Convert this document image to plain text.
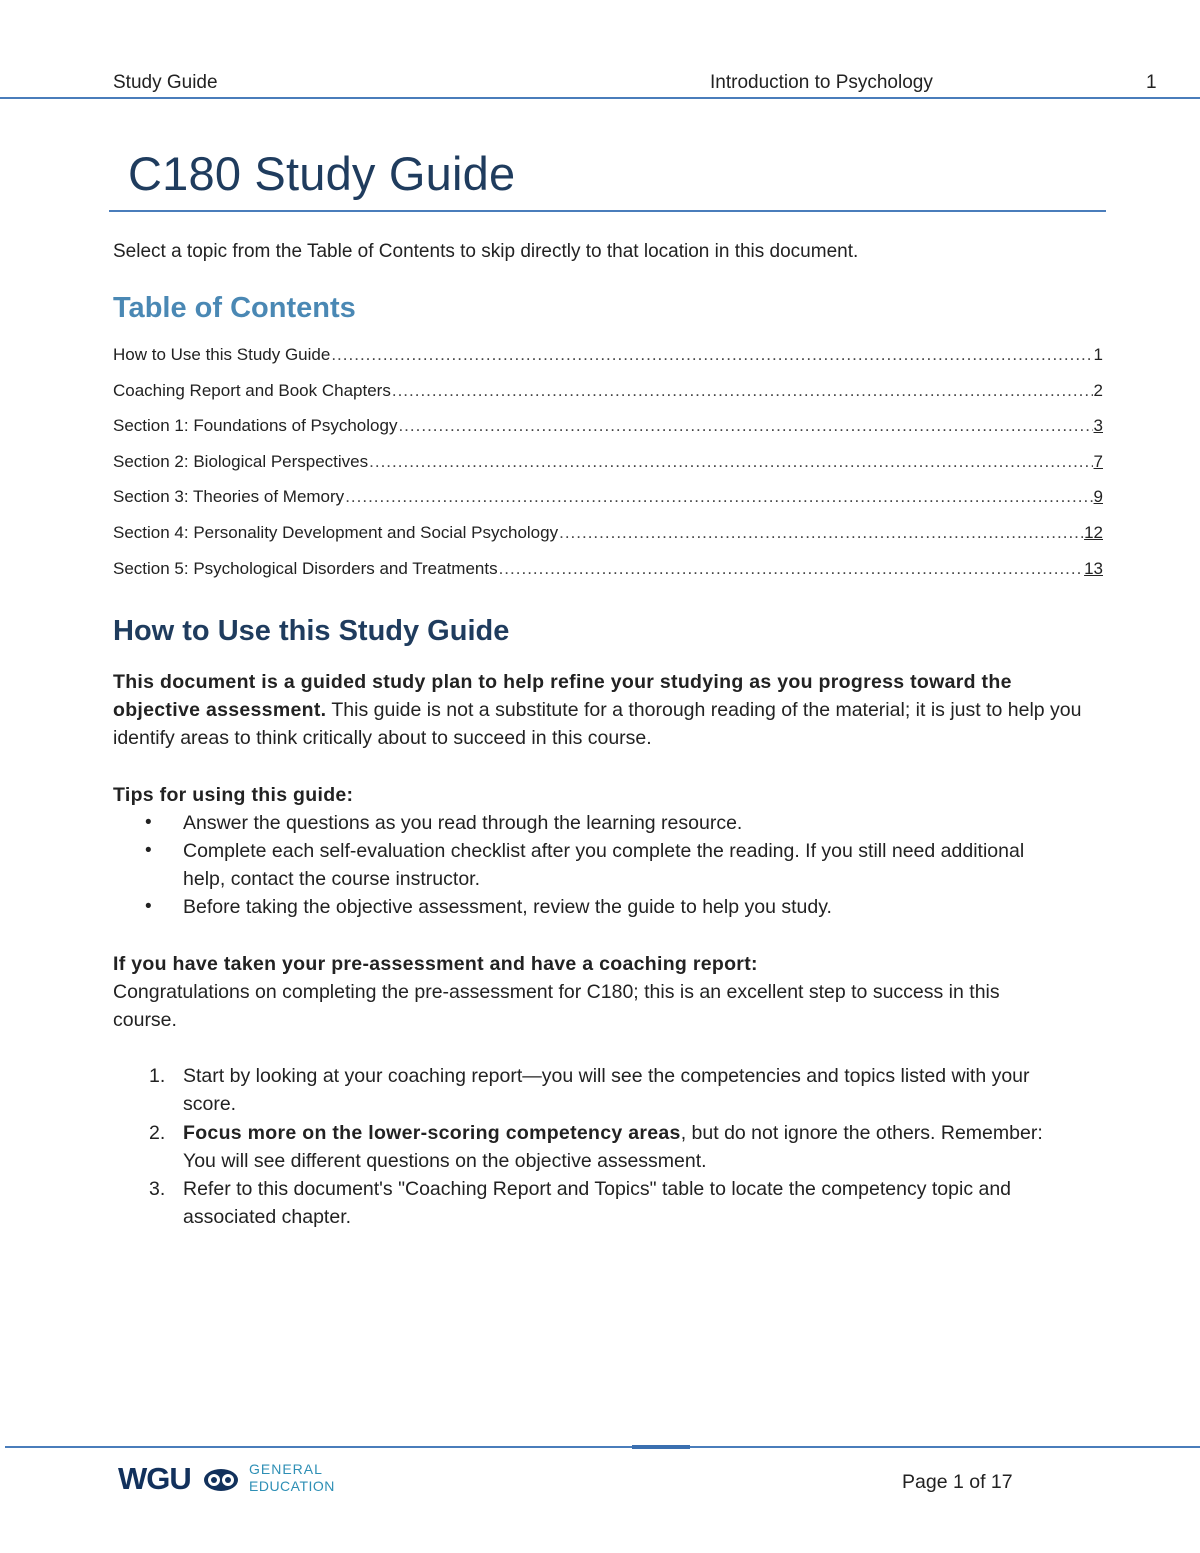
Study Guide	Introduction to Psychology	1
C180 Study Guide

Select a topic from the Table of Contents to skip directly to that location in this document.

Table of Contents
How to Use this Study Guide .....	1
Coaching Report and Book Chapters .....	2
Section 1: Foundations of Psychology .....	3
Section 2: Biological Perspectives .....	7
Section 3: Theories of Memory .....	9
Section 4: Personality Development and Social Psychology .....	12
Section 5: Psychological Disorders and Treatments .....	13
How to Use this Study Guide

This document is a guided study plan to help refine your studying as you progress toward the objective assessment. This guide is not a substitute for a thorough reading of the material; it is just to help you identify areas to think critically about to succeed in this course.

Tips for using this guide:

• Answer the questions as you read through the learning resource.
• Complete each self-evaluation checklist after you complete the reading. If you still need additional help, contact the course instructor.
• Before taking the objective assessment, review the guide to help you study.

If you have taken your pre-assessment and have a coaching report:

Congratulations on completing the pre-assessment for C180; this is an excellent step to success in this course.

1. Start by looking at your coaching report—you will see the competencies and topics listed with your score.
2. Focus more on the lower-scoring competency areas, but do not ignore the others. Remember: You will see different questions on the objective assessment.
3. Refer to this document's "Coaching Report and Topics" table to locate the competency topic and associated chapter.
WGU	GENERAL
EDUCATION	Page 1 of 17
